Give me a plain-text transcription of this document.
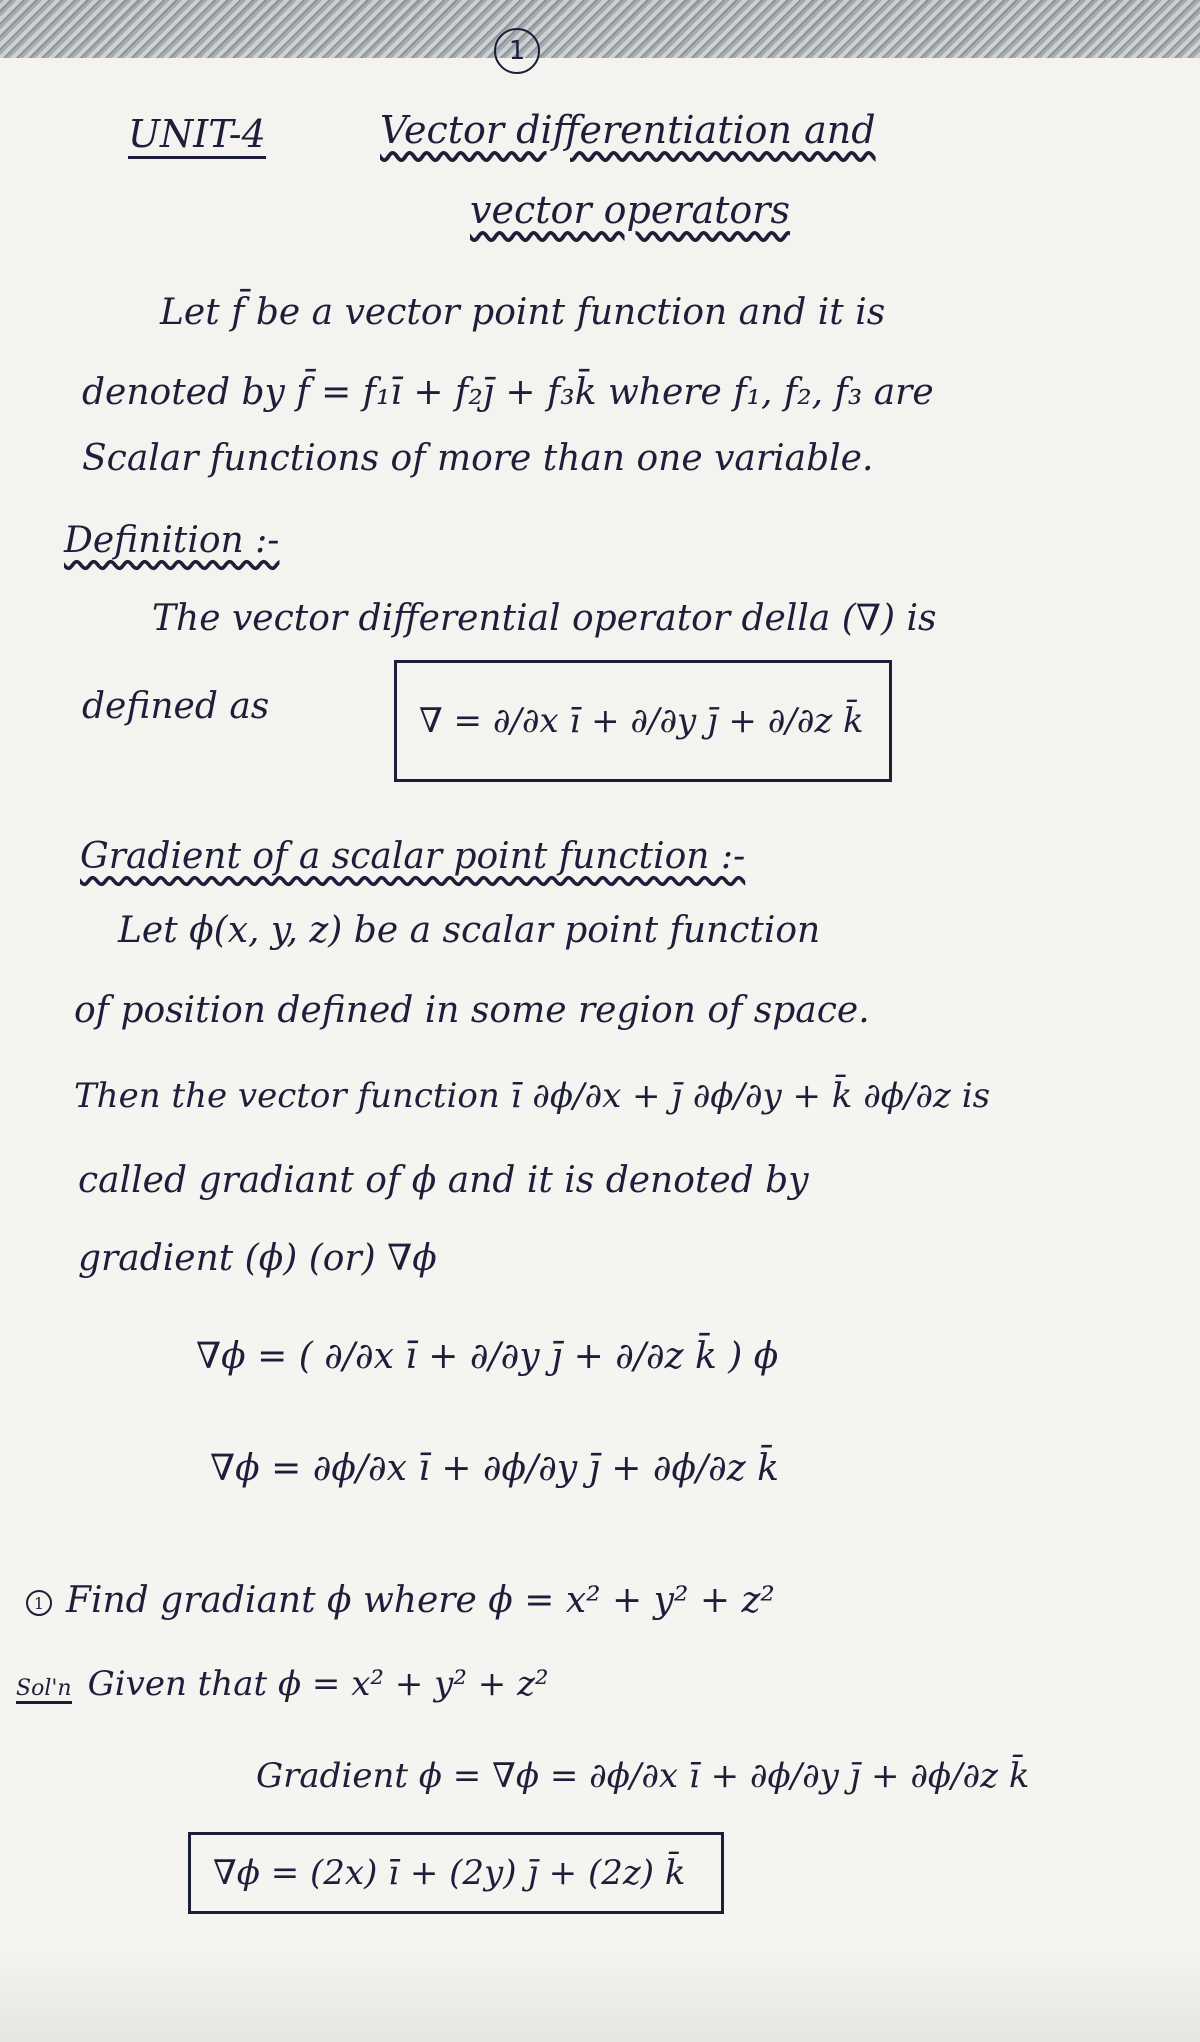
1
UNIT-4	Vector differentiation and
vector operators
Let f̄ be a vector point function and it is
denoted by f̄ = f₁ī + f₂j̄ + f₃k̄ where f₁, f₂, f₃ are
Scalar functions of more than one variable.
Definition :-
The vector differential operator della (∇) is
defined as	∇ = ∂/∂x ī + ∂/∂y j̄ + ∂/∂z k̄
Gradient of a scalar point function :-
Let ϕ(x, y, z) be a scalar point function
of position defined in some region of space.
Then the vector function ī ∂ϕ/∂x + j̄ ∂ϕ/∂y + k̄ ∂ϕ/∂z is
called gradiant of ϕ and it is denoted by
gradient (ϕ) (or) ∇ϕ
∇ϕ = ( ∂/∂x ī + ∂/∂y j̄ + ∂/∂z k̄ ) ϕ
∇ϕ = ∂ϕ/∂x ī + ∂ϕ/∂y j̄ + ∂ϕ/∂z k̄
1 Find gradiant ϕ where ϕ = x² + y² + z²
Sol'n Given that ϕ = x² + y² + z²
Gradient ϕ = ∇ϕ = ∂ϕ/∂x ī + ∂ϕ/∂y j̄ + ∂ϕ/∂z k̄
∇ϕ = (2x) ī + (2y) j̄ + (2z) k̄
